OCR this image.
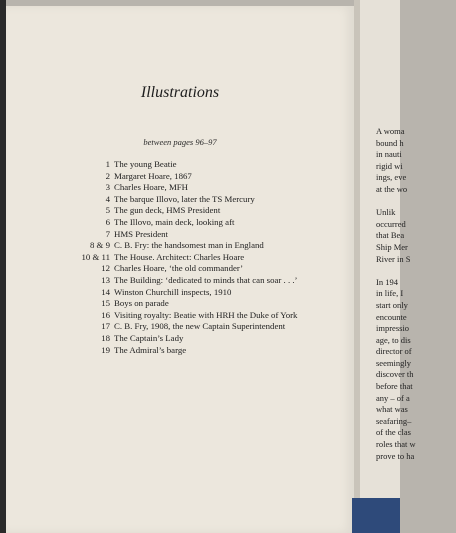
Illustrations
between pages 96–97
1 The young Beatie
2 Margaret Hoare, 1867
3 Charles Hoare, MFH
4 The barque Illovo, later the TS Mercury
5 The gun deck, HMS President
6 The Illovo, main deck, looking aft
7 HMS President
8 & 9 C. B. Fry: the handsomest man in England
10 & 11 The House. Architect: Charles Hoare
12 Charles Hoare, ‘the old commander’
13 The Building: ‘dedicated to minds that can soar . . .’
14 Winston Churchill inspects, 1910
15 Boys on parade
16 Visiting royalty: Beatie with HRH the Duke of York
17 C. B. Fry, 1908, the new Captain Superintendent
18 The Captain’s Lady
19 The Admiral’s barge
A woma
bound h
in nauti
rigid wi
ings, eve
at the wo
Unlik
occurred
that Bea
Ship Mer
River in S
In 194
in life, I
start only
encounte
impressio
age, to dis
director of
seemingly
discover th
before that
any – of a
what was
seafaring–
of the clas
roles that w
prove to ha
